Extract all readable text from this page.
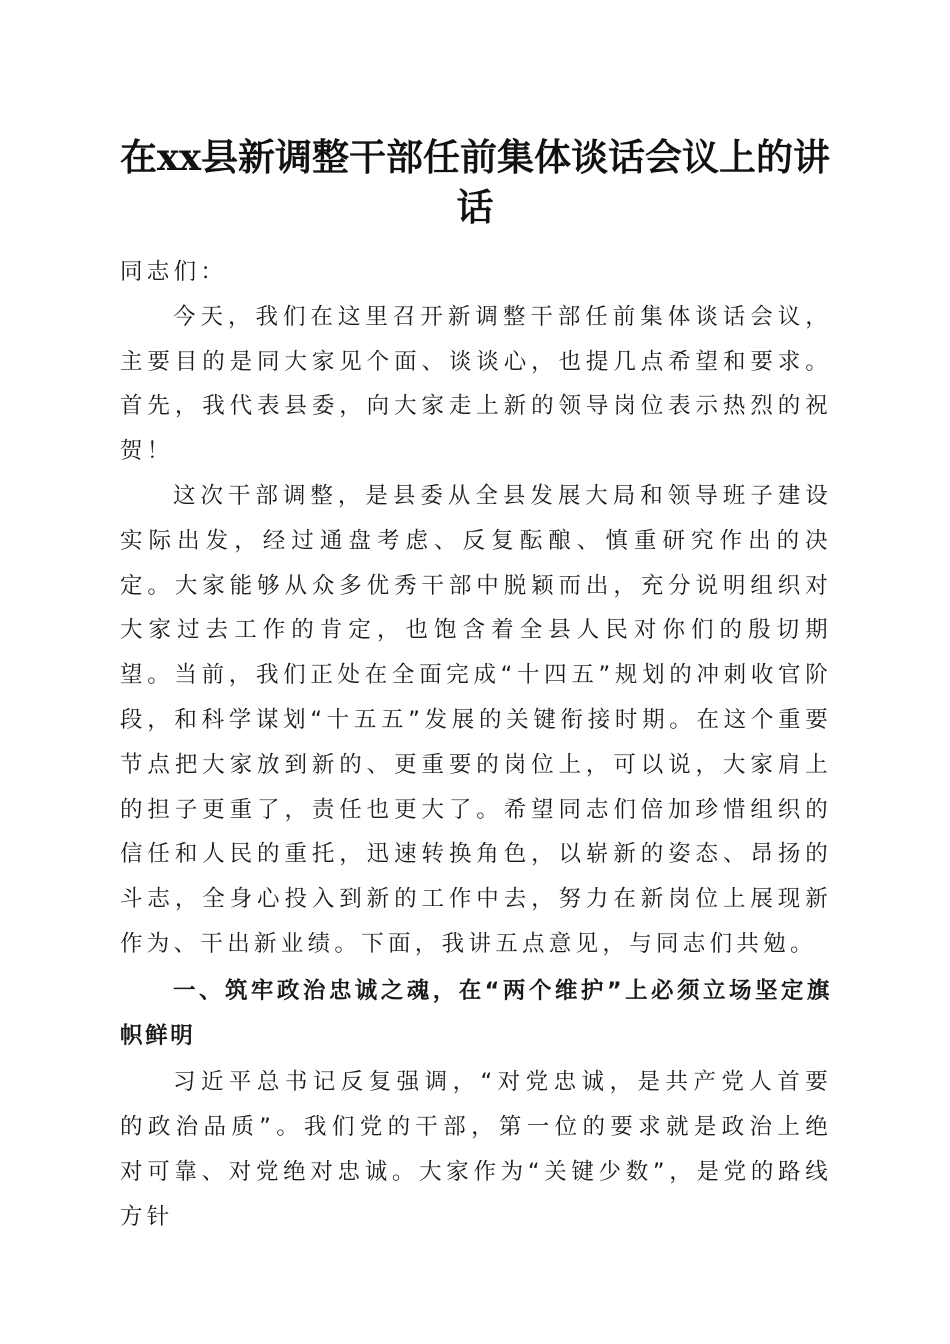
在xx县新调整干部任前集体谈话会议上的讲话

同志们：

今天，我们在这里召开新调整干部任前集体谈话会议，主要目的是同大家见个面、谈谈心，也提几点希望和要求。首先，我代表县委，向大家走上新的领导岗位表示热烈的祝贺！

这次干部调整，是县委从全县发展大局和领导班子建设实际出发，经过通盘考虑、反复酝酿、慎重研究作出的决定。大家能够从众多优秀干部中脱颖而出，充分说明组织对大家过去工作的肯定，也饱含着全县人民对你们的殷切期望。当前，我们正处在全面完成“十四五”规划的冲刺收官阶段，和科学谋划“十五五”发展的关键衔接时期。在这个重要节点把大家放到新的、更重要的岗位上，可以说，大家肩上的担子更重了，责任也更大了。希望同志们倍加珍惜组织的信任和人民的重托，迅速转换角色，以崭新的姿态、昂扬的斗志，全身心投入到新的工作中去，努力在新岗位上展现新作为、干出新业绩。下面，我讲五点意见，与同志们共勉。

一、筑牢政治忠诚之魂，在“两个维护”上必须立场坚定旗帜鲜明

习近平总书记反复强调，“对党忠诚，是共产党人首要的政治品质”。我们党的干部，第一位的要求就是政治上绝对可靠、对党绝对忠诚。大家作为“关键少数”，是党的路线方针
